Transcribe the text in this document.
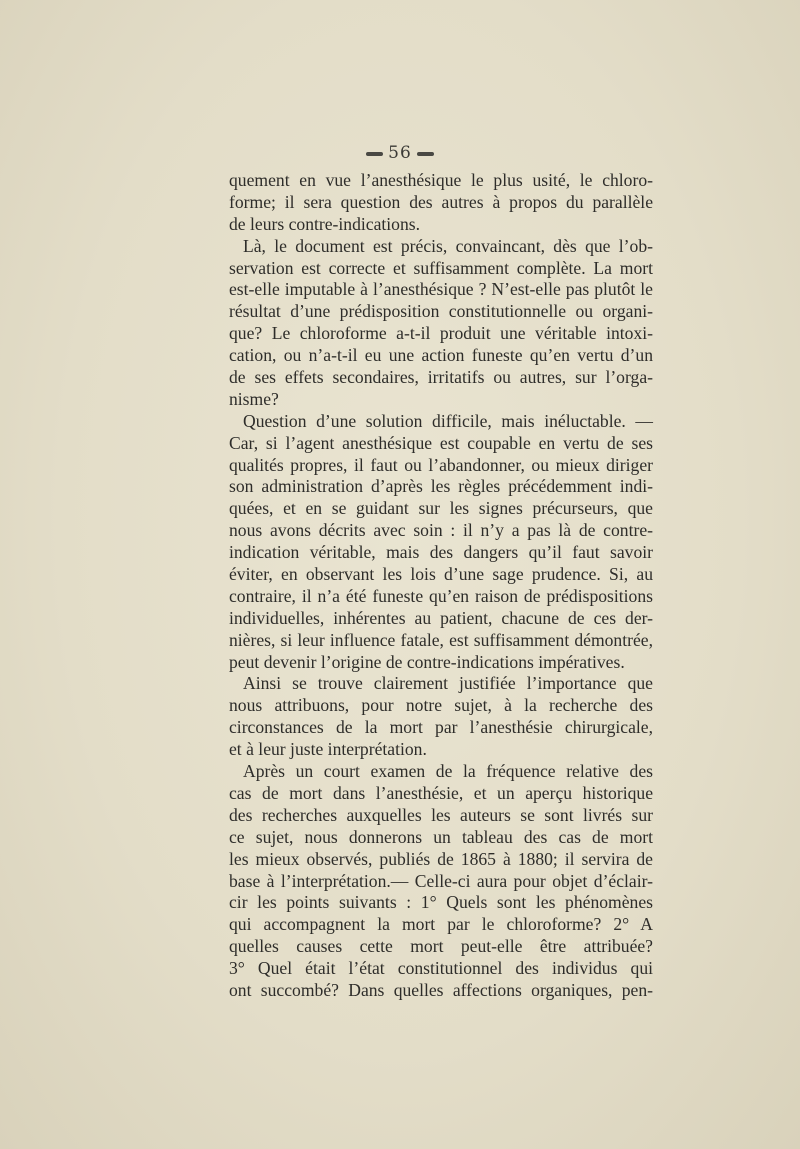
56
quement en vue l’anesthésique le plus usité, le chloro-
forme; il sera question des autres à propos du parallèle
de leurs contre-indications.
Là, le document est précis, convaincant, dès que l’ob-
servation est correcte et suffisamment complète. La mort
est-elle imputable à l’anesthésique ? N’est-elle pas plutôt le
résultat d’une prédisposition constitutionnelle ou organi-
que? Le chloroforme a-t-il produit une véritable intoxi-
cation, ou n’a-t-il eu une action funeste qu’en vertu d’un
de ses effets secondaires, irritatifs ou autres, sur l’orga-
nisme?
Question d’une solution difficile, mais inéluctable. —
Car, si l’agent anesthésique est coupable en vertu de ses
qualités propres, il faut ou l’abandonner, ou mieux diriger
son administration d’après les règles précédemment indi-
quées, et en se guidant sur les signes précurseurs, que
nous avons décrits avec soin : il n’y a pas là de contre-
indication véritable, mais des dangers qu’il faut savoir
éviter, en observant les lois d’une sage prudence. Si, au
contraire, il n’a été funeste qu’en raison de prédispositions
individuelles, inhérentes au patient, chacune de ces der-
nières, si leur influence fatale, est suffisamment démontrée,
peut devenir l’origine de contre-indications impératives.
Ainsi se trouve clairement justifiée l’importance que
nous attribuons, pour notre sujet, à la recherche des
circonstances de la mort par l’anesthésie chirurgicale,
et à leur juste interprétation.
Après un court examen de la fréquence relative des
cas de mort dans l’anesthésie, et un aperçu historique
des recherches auxquelles les auteurs se sont livrés sur
ce sujet, nous donnerons un tableau des cas de mort
les mieux observés, publiés de 1865 à 1880; il servira de
base à l’interprétation.— Celle-ci aura pour objet d’éclair-
cir les points suivants : 1° Quels sont les phénomènes
qui accompagnent la mort par le chloroforme? 2° A
quelles causes cette mort peut-elle être attribuée?
3° Quel était l’état constitutionnel des individus qui
ont succombé? Dans quelles affections organiques, pen-
